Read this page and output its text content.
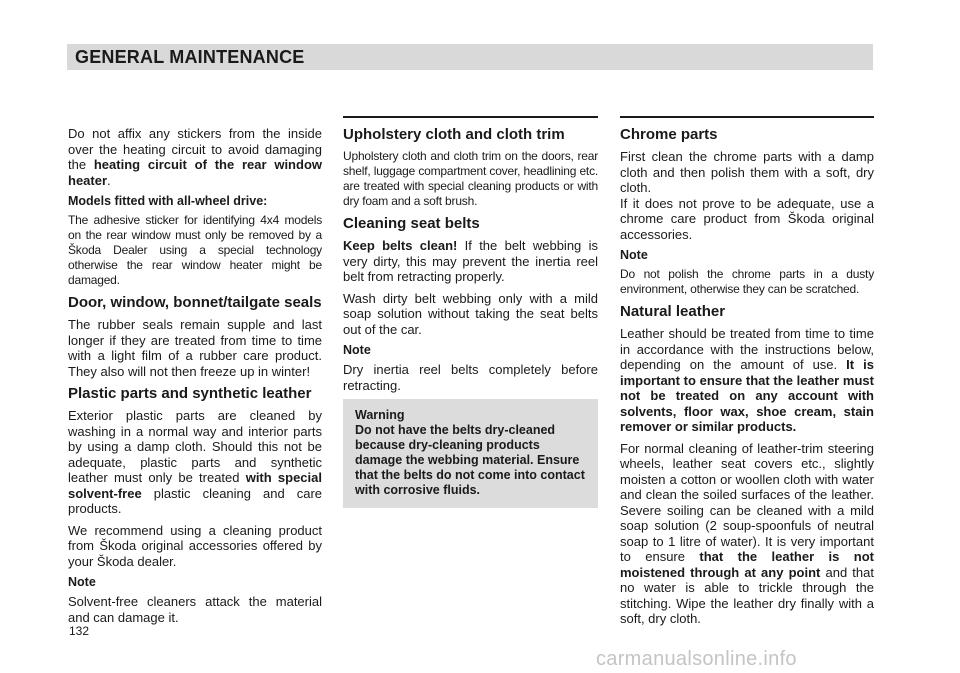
GENERAL MAINTENANCE

Do not affix any stickers from the inside over the heating circuit to avoid damaging the heating circuit of the rear window heater.

Models fitted with all-wheel drive:

The adhesive sticker for identifying 4x4 models on the rear window must only be removed by a Škoda Dealer using a special technology otherwise the rear window heater might be damaged.

Door, window, bonnet/tailgate seals

The rubber seals remain supple and last longer if they are treated from time to time with a light film of a rubber care product. They also will not then freeze up in winter!

Plastic parts and synthetic leather

Exterior plastic parts are cleaned by washing in a normal way and interior parts by using a damp cloth. Should this not be adequate, plastic parts and synthetic leather must only be treated with special solvent-free plastic cleaning and care products.

We recommend using a cleaning product from Škoda original accessories offered by your Škoda dealer.

Note

Solvent-free cleaners attack the material and can damage it.

Upholstery cloth and cloth trim

Upholstery cloth and cloth trim on the doors, rear shelf, luggage compartment cover, headlining etc. are treated with special cleaning products or with dry foam and a soft brush.

Cleaning seat belts

Keep belts clean! If the belt webbing is very dirty, this may prevent the inertia reel belt from retracting properly.

Wash dirty belt webbing only with a mild soap solution without taking the seat belts out of the car.

Note

Dry inertia reel belts completely before retracting.

Warning
Do not have the belts dry-cleaned because dry-cleaning products damage the webbing material. Ensure that the belts do not come into contact with corrosive fluids.
Chrome parts

First clean the chrome parts with a damp cloth and then polish them with a soft, dry cloth.
If it does not prove to be adequate, use a chrome care product from Škoda original accessories.

Note

Do not polish the chrome parts in a dusty environment, otherwise they can be scratched.

Natural leather

Leather should be treated from time to time in accordance with the instructions below, depending on the amount of use. It is important to ensure that the leather must not be treated on any account with solvents, floor wax, shoe cream, stain remover or similar products.

For normal cleaning of leather-trim steering wheels, leather seat covers etc., slightly moisten a cotton or woollen cloth with water and clean the soiled surfaces of the leather. Severe soiling can be cleaned with a mild soap solution (2 soup-spoonfuls of neutral soap to 1 litre of water). It is very important to ensure that the leather is not moistened through at any point and that no water is able to trickle through the stitching. Wipe the leather dry finally with a soft, dry cloth.

132
carmanualsonline.info
